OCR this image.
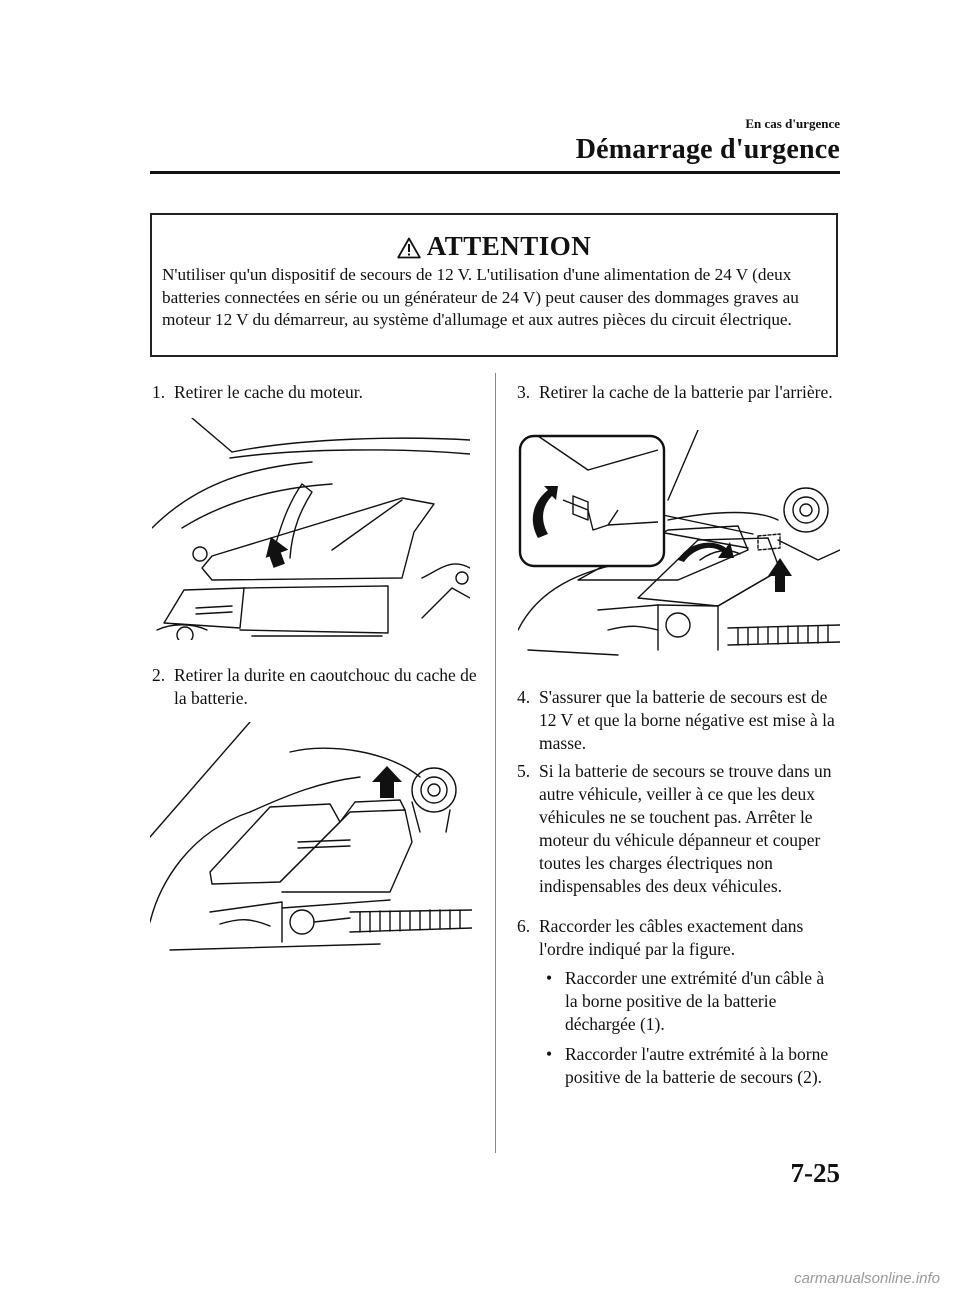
En cas d'urgence
Démarrage d'urgence
ATTENTION
N'utiliser qu'un dispositif de secours de 12 V. L'utilisation d'une alimentation de 24 V (deux batteries connectées en série ou un générateur de 24 V) peut causer des dommages graves au moteur 12 V du démarreur, au système d'allumage et aux autres pièces du circuit électrique.
1. Retirer le cache du moteur.
2. Retirer la durite en caoutchouc du cache de la batterie.
3. Retirer la cache de la batterie par l'arrière.
4. S'assurer que la batterie de secours est de 12 V et que la borne négative est mise à la masse.
5. Si la batterie de secours se trouve dans un autre véhicule, veiller à ce que les deux véhicules ne se touchent pas. Arrêter le moteur du véhicule dépanneur et couper toutes les charges électriques non indispensables des deux véhicules.
6. Raccorder les câbles exactement dans l'ordre indiqué par la figure.
• Raccorder une extrémité d'un câble à la borne positive de la batterie déchargée (1).
• Raccorder l'autre extrémité à la borne positive de la batterie de secours (2).
7-25
carmanualsonline.info
